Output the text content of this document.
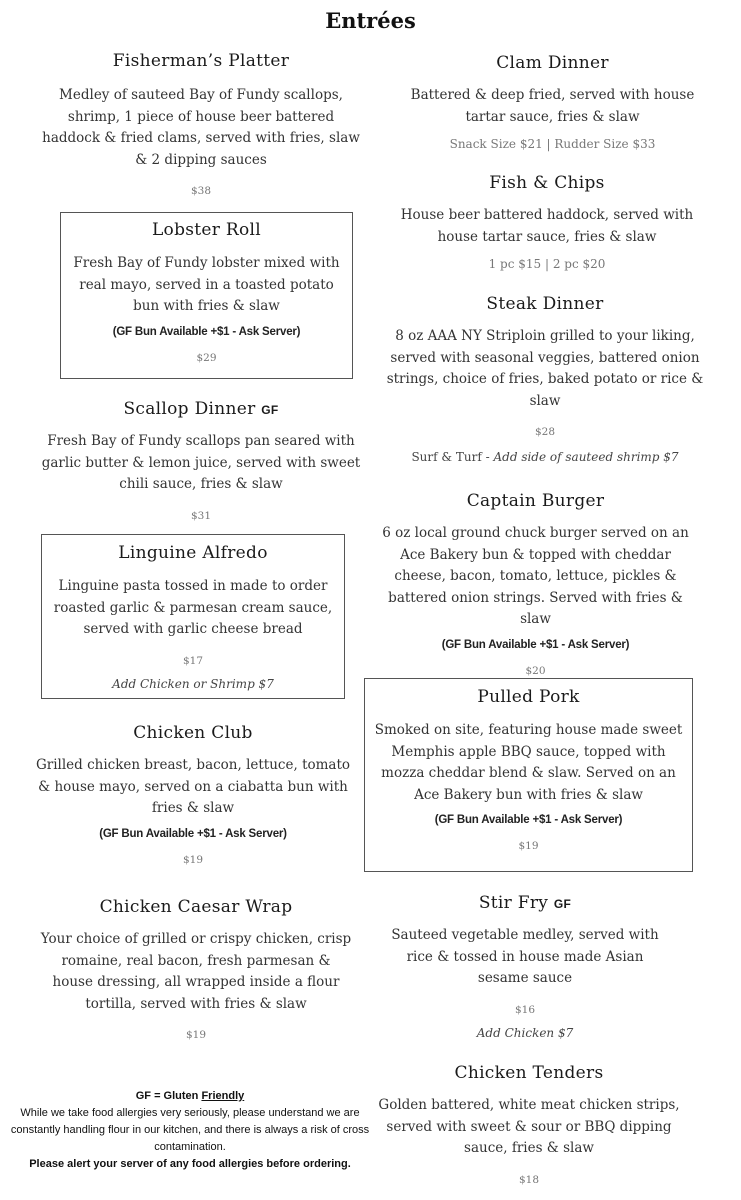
Entrées
Fisherman’s Platter
Medley of sauteed Bay of Fundy scallops, shrimp, 1 piece of house beer battered haddock & fried clams, served with fries, slaw & 2 dipping sauces
$38
Lobster Roll
Fresh Bay of Fundy lobster mixed with real mayo, served in a toasted potato bun with fries & slaw
(GF Bun Available +$1 - Ask Server)
$29
Scallop Dinner GF
Fresh Bay of Fundy scallops pan seared with garlic butter & lemon juice, served with sweet chili sauce, fries & slaw
$31
Linguine Alfredo
Linguine pasta tossed in made to order roasted garlic & parmesan cream sauce, served with garlic cheese bread
$17
Add Chicken or Shrimp $7
Chicken Club
Grilled chicken breast, bacon, lettuce, tomato & house mayo, served on a ciabatta bun with fries & slaw
(GF Bun Available +$1 - Ask Server)
$19
Chicken Caesar Wrap
Your choice of grilled or crispy chicken, crisp romaine, real bacon, fresh parmesan & house dressing, all wrapped inside a flour tortilla, served with fries & slaw
$19
GF = Gluten Friendly
While we take food allergies very seriously, please understand we are constantly handling flour in our kitchen, and there is always a risk of cross contamination.
Please alert your server of any food allergies before ordering.
Clam Dinner
Battered & deep fried, served with house tartar sauce, fries & slaw
Snack Size $21 | Rudder Size $33
Fish & Chips
House beer battered haddock, served with house tartar sauce, fries & slaw
1 pc $15 | 2 pc $20
Steak Dinner
8 oz AAA NY Striploin grilled to your liking, served with seasonal veggies, battered onion strings, choice of fries, baked potato or rice & slaw
$28
Surf & Turf - Add side of sauteed shrimp $7
Captain Burger
6 oz local ground chuck burger served on an Ace Bakery bun & topped with cheddar cheese, bacon, tomato, lettuce, pickles & battered onion strings. Served with fries & slaw
(GF Bun Available +$1 - Ask Server)
$20
Pulled Pork
Smoked on site, featuring house made sweet Memphis apple BBQ sauce, topped with mozza cheddar blend & slaw. Served on an Ace Bakery bun with fries & slaw
(GF Bun Available +$1 - Ask Server)
$19
Stir Fry GF
Sauteed vegetable medley, served with rice & tossed in house made Asian sesame sauce
$16
Add Chicken $7
Chicken Tenders
Golden battered, white meat chicken strips, served with sweet & sour or BBQ dipping sauce, fries & slaw
$18
